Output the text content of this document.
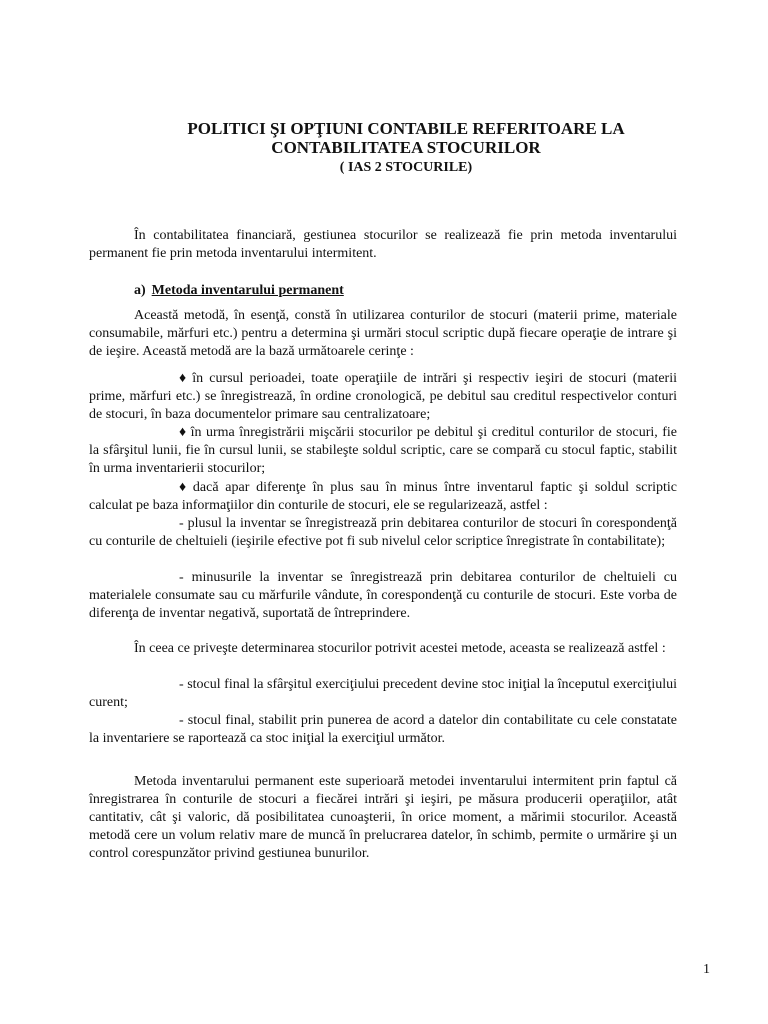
POLITICI ŞI OPŢIUNI CONTABILE REFERITOARE LA
CONTABILITATEA STOCURILOR
( IAS 2 STOCURILE)

În contabilitatea financiară, gestiunea stocurilor se realizează fie prin metoda inventarului permanent fie prin metoda inventarului intermitent.

a) Metoda inventarului permanent

Această metodă, în esenţă, constă în utilizarea conturilor de stocuri (materii prime, materiale consumabile, mărfuri etc.) pentru a determina şi urmări stocul scriptic după fiecare operaţie de intrare şi de ieşire. Această metodă are la bază următoarele cerinţe :

♦ în cursul perioadei, toate operaţiile de intrări şi respectiv ieşiri de stocuri (materii prime, mărfuri etc.) se înregistrează, în ordine cronologică, pe debitul sau creditul respectivelor conturi de stocuri, în baza documentelor primare sau centralizatoare;

♦ în urma înregistrării mişcării stocurilor pe debitul şi creditul conturilor de stocuri, fie la sfârşitul lunii, fie în cursul lunii, se stabileşte soldul scriptic, care se compară cu stocul faptic, stabilit în urma inventarierii stocurilor;

♦ dacă apar diferenţe în plus sau în minus între inventarul faptic şi soldul scriptic calculat pe baza informaţiilor din conturile de stocuri, ele se regularizează, astfel :

- plusul la inventar se înregistrează prin debitarea conturilor de stocuri în corespondenţă cu conturile de cheltuieli (ieşirile efective pot fi sub nivelul celor scriptice înregistrate în contabilitate);

- minusurile la inventar se înregistrează prin debitarea conturilor de cheltuieli cu materialele consumate sau cu mărfurile vândute, în corespondenţă cu conturile de stocuri. Este vorba de diferenţa de inventar negativă, suportată de întreprindere.

În ceea ce priveşte determinarea stocurilor potrivit acestei metode, aceasta se realizează astfel :

- stocul final la sfârşitul exerciţiului precedent devine stoc iniţial la începutul exerciţiului curent;

- stocul final, stabilit prin punerea de acord a datelor din contabilitate cu cele constatate la inventariere se raportează ca stoc iniţial la exerciţiul următor.

Metoda inventarului permanent este superioară metodei inventarului intermitent prin faptul că înregistrarea în conturile de stocuri a fiecărei intrări şi ieşiri, pe măsura producerii operaţiilor, atât cantitativ, cât şi valoric, dă posibilitatea cunoaşterii, în orice moment, a mărimii stocurilor. Această metodă cere un volum relativ mare de muncă în prelucrarea datelor, în schimb, permite o urmărire şi un control corespunzător privind gestiunea bunurilor.

1
